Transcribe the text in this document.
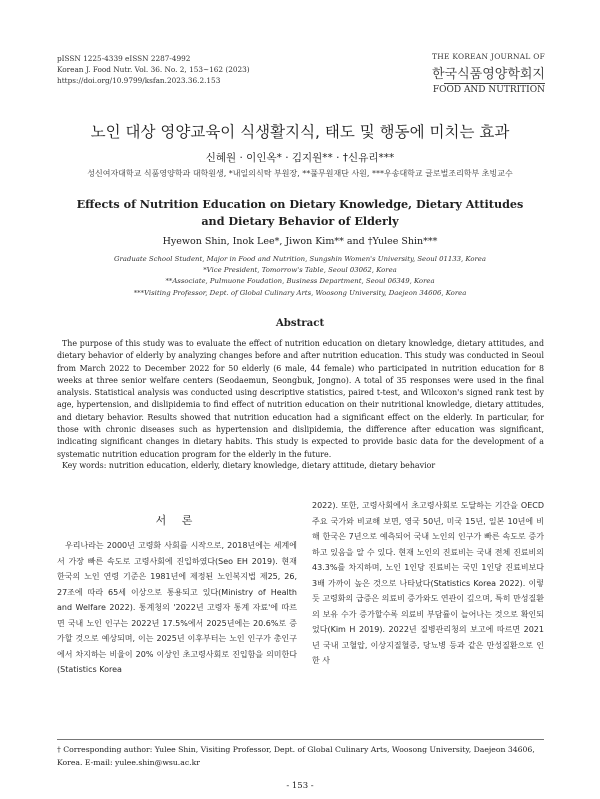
pISSN 1225-4339 eISSN 2287-4992
Korean J. Food Nutr. Vol. 36. No. 2, 153~162 (2023)
https://doi.org/10.9799/ksfan.2023.36.2.153
THE KOREAN JOURNAL OF
한국식품영양학회지
FOOD AND NUTRITION
노인 대상 영양교육이 식생활지식, 태도 및 행동에 미치는 효과
신혜원 · 이인옥* · 김지원** · †신유리***
성신여자대학교 식품영양학과 대학원생, *내일의식탁 부원장, **풀무원재단 사원, ***우송대학교 글로벌조리학부 초빙교수
Effects of Nutrition Education on Dietary Knowledge, Dietary Attitudes
and Dietary Behavior of Elderly
Hyewon Shin, Inok Lee*, Jiwon Kim** and †Yulee Shin***
Graduate School Student, Major in Food and Nutrition, Sungshin Women's University, Seoul 01133, Korea
*Vice President, Tomorrow's Table, Seoul 03062, Korea
**Associate, Pulmuone Foudation, Business Department, Seoul 06349, Korea
***Visiting Professor, Dept. of Global Culinary Arts, Woosong University, Daejeon 34606, Korea
Abstract
The purpose of this study was to evaluate the effect of nutrition education on dietary knowledge, dietary attitudes, and dietary behavior of elderly by analyzing changes before and after nutrition education. This study was conducted in Seoul from March 2022 to December 2022 for 50 elderly (6 male, 44 female) who participated in nutrition education for 8 weeks at three senior welfare centers (Seodaemun, Seongbuk, Jongno). A total of 35 responses were used in the final analysis. Statistical analysis was conducted using descriptive statistics, paired t-test, and Wilcoxon's signed rank test by age, hypertension, and dislipidemia to find effect of nutrition education on their nutritional knowledge, dietary attitudes, and dietary behavior. Results showed that nutrition education had a significant effect on the elderly. In particular, for those with chronic diseases such as hypertension and dislipidemia, the difference after education was significant, indicating significant changes in dietary habits. This study is expected to provide basic data for the development of a systematic nutrition education program for the elderly in the future.
Key words: nutrition education, elderly, dietary knowledge, dietary attitude, dietary behavior
서 론
우리나라는 2000년 고령화 사회를 시작으로, 2018년에는 세계에서 가장 빠른 속도로 고령사회에 진입하였다(Seo EH 2019). 현재 한국의 노인 연령 기준은 1981년에 제정된 노인복지법 제25, 26, 27조에 따라 65세 이상으로 통용되고 있다(Ministry of Health and Welfare 2022). 통계청의 '2022년 고령자 통계 자료'에 따르면 국내 노인 인구는 2022년 17.5%에서 2025년에는 20.6%로 증가할 것으로 예상되며, 이는 2025년 이후부터는 노인 인구가 총인구에서 차지하는 비율이 20% 이상인 초고령사회로 진입함을 의미한다(Statistics Korea
2022). 또한, 고령사회에서 초고령사회로 도달하는 기간을 OECD 주요 국가와 비교해 보면, 영국 50년, 미국 15년, 일본 10년에 비해 한국은 7년으로 예측되어 국내 노인의 인구가 빠른 속도로 증가하고 있음을 알 수 있다. 현재 노인의 진료비는 국내 전체 진료비의 43.3%를 차지하며, 노인 1인당 진료비는 국민 1인당 진료비보다 3배 가까이 높은 것으로 나타났다(Statistics Korea 2022). 이렇듯 고령화의 급증은 의료비 증가와도 연관이 깊으며, 특히 만성질환의 보유 수가 증가할수록 의료비 부담률이 늘어나는 것으로 확인되었다(Kim H 2019). 2022년 질병관리청의 보고에 따르면 2021년 국내 고혈압, 이상지질혈증, 당뇨병 등과 같은 만성질환으로 인한 사
† Corresponding author: Yulee Shin, Visiting Professor, Dept. of Global Culinary Arts, Woosong University, Daejeon 34606, Korea. E-mail: yulee.shin@wsu.ac.kr
- 153 -
